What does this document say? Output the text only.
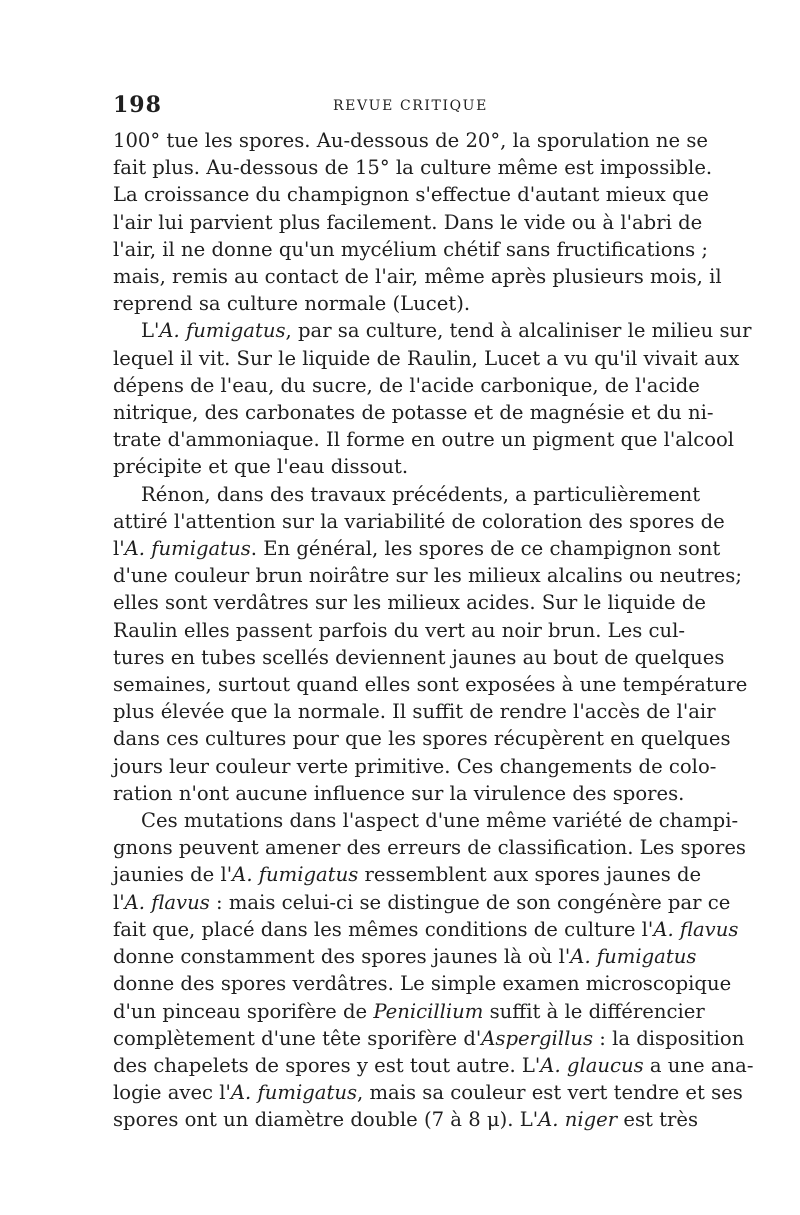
198	REVUE CRITIQUE

100° tue les spores. Au-dessous de 20°, la sporulation ne se
fait plus. Au-dessous de 15° la culture même est impossible.
La croissance du champignon s'effectue d'autant mieux que
l'air lui parvient plus facilement. Dans le vide ou à l'abri de
l'air, il ne donne qu'un mycélium chétif sans fructifications ;
mais, remis au contact de l'air, même après plusieurs mois, il
reprend sa culture normale (Lucet).

L'A. fumigatus, par sa culture, tend à alcaliniser le milieu sur
lequel il vit. Sur le liquide de Raulin, Lucet a vu qu'il vivait aux
dépens de l'eau, du sucre, de l'acide carbonique, de l'acide
nitrique, des carbonates de potasse et de magnésie et du ni-
trate d'ammoniaque. Il forme en outre un pigment que l'alcool
précipite et que l'eau dissout.

Rénon, dans des travaux précédents, a particulièrement
attiré l'attention sur la variabilité de coloration des spores de
l'A. fumigatus. En général, les spores de ce champignon sont
d'une couleur brun noirâtre sur les milieux alcalins ou neutres;
elles sont verdâtres sur les milieux acides. Sur le liquide de
Raulin elles passent parfois du vert au noir brun. Les cul-
tures en tubes scellés deviennent jaunes au bout de quelques
semaines, surtout quand elles sont exposées à une température
plus élevée que la normale. Il suffit de rendre l'accès de l'air
dans ces cultures pour que les spores récupèrent en quelques
jours leur couleur verte primitive. Ces changements de colo-
ration n'ont aucune influence sur la virulence des spores.

Ces mutations dans l'aspect d'une même variété de champi-
gnons peuvent amener des erreurs de classification. Les spores
jaunies de l'A. fumigatus ressemblent aux spores jaunes de
l'A. flavus : mais celui-ci se distingue de son congénère par ce
fait que, placé dans les mêmes conditions de culture l'A. flavus
donne constamment des spores jaunes là où l'A. fumigatus
donne des spores verdâtres. Le simple examen microscopique
d'un pinceau sporifère de Penicillium suffit à le différencier
complètement d'une tête sporifère d'Aspergillus : la disposition
des chapelets de spores y est tout autre. L'A. glaucus a une ana-
logie avec l'A. fumigatus, mais sa couleur est vert tendre et ses
spores ont un diamètre double (7 à 8 μ). L'A. niger est très
